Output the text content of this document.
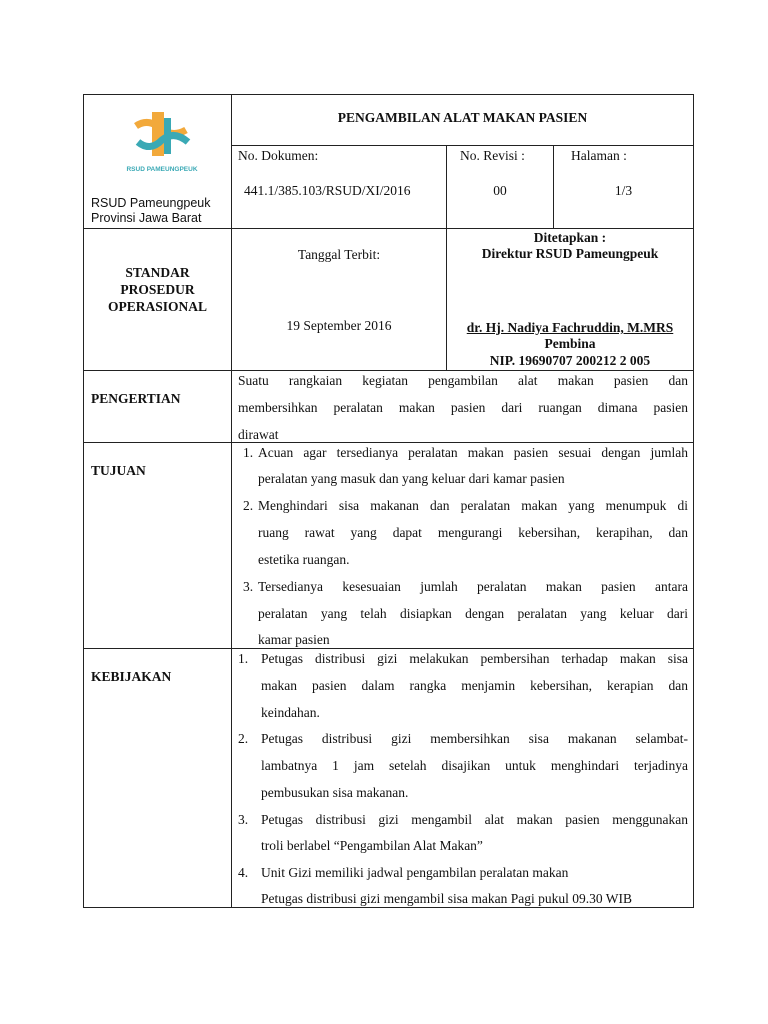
RSUD PAMEUNGPEUK
RSUD Pameungpeuk
Provinsi Jawa Barat
PENGAMBILAN ALAT MAKAN PASIEN
No. Dokumen:
441.1/385.103/RSUD/XI/2016
No. Revisi :
00
Halaman :
1/3
STANDAR
PROSEDUR
OPERASIONAL
Tanggal Terbit:
19 September 2016
Ditetapkan :
Direktur RSUD Pameungpeuk
dr. Hj. Nadiya Fachruddin, M.MRS
Pembina
NIP. 19690707 200212 2 005
PENGERTIAN
Suatu rangkaian kegiatan pengambilan alat makan pasien dan
membersihkan peralatan makan pasien dari ruangan dimana pasien
dirawat
TUJUAN
1. Acuan agar tersedianya peralatan makan pasien sesuai dengan jumlah
peralatan yang masuk dan yang keluar dari kamar pasien
2. Menghindari sisa makanan dan peralatan makan yang menumpuk di
ruang rawat yang dapat mengurangi kebersihan, kerapihan, dan
estetika ruangan.
3. Tersedianya kesesuaian jumlah peralatan makan pasien antara
peralatan yang telah disiapkan dengan peralatan yang keluar dari
kamar pasien
KEBIJAKAN
1. Petugas distribusi gizi melakukan pembersihan terhadap makan sisa
makan pasien dalam rangka menjamin kebersihan, kerapian dan
keindahan.
2. Petugas distribusi gizi membersihkan sisa makanan selambat-
lambatnya 1 jam setelah disajikan untuk menghindari terjadinya
pembusukan sisa makanan.
3. Petugas distribusi gizi mengambil alat makan pasien menggunakan
troli berlabel “Pengambilan Alat Makan”
4. Unit Gizi memiliki jadwal pengambilan peralatan makan
Petugas distribusi gizi mengambil sisa makan Pagi pukul 09.30 WIB
